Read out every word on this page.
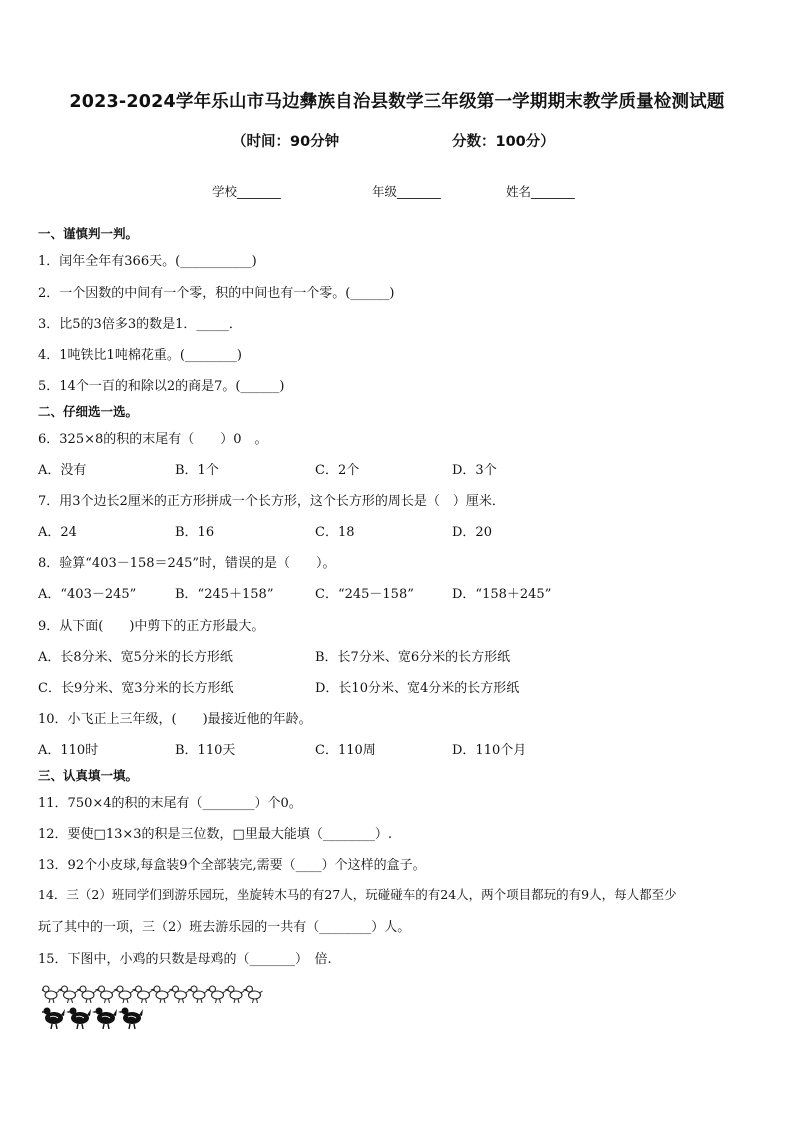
2023-2024学年乐山市马边彝族自治县数学三年级第一学期期末教学质量检测试题
（时间：90分钟	分数：100分）
学校_______	年级_______	姓名_______
一、谨慎判一判。
1．闰年全年有366天。(___________)
2．一个因数的中间有一个零，积的中间也有一个零。(______)
3．比5的3倍多3的数是1．_____．
4．1吨铁比1吨棉花重。(________)
5．14个一百的和除以2的商是7。(______)
二、仔细选一选。
6．325×8的积的末尾有（　　）0　。
A．没有	B．1个	C．2个	D．3个
7．用3个边长2厘米的正方形拼成一个长方形，这个长方形的周长是（　）厘米．
A．24	B．16	C．18	D．20
8．验算“403－158＝245”时，错误的是（　　）。
A．“403－245”	B．“245＋158”	C．“245－158”	D．“158＋245”
9．从下面(　　)中剪下的正方形最大。
A．长8分米、宽5分米的长方形纸	B．长7分米、宽6分米的长方形纸
C．长9分米、宽3分米的长方形纸	D．长10分米、宽4分米的长方形纸
10．小飞正上三年级，(　　)最接近他的年龄。
A．110时	B．110天	C．110周	D．110个月
三、认真填一填。
11．750×4的积的末尾有（________）个0。
12．要使□13×3的积是三位数，□里最大能填（________）.
13．92个小皮球,每盒装9个全部装完,需要（____）个这样的盒子。
14．三（2）班同学们到游乐园玩，坐旋转木马的有27人，玩碰碰车的有24人，两个项目都玩的有9人，每人都至少
玩了其中的一项，三（2）班去游乐园的一共有（________）人。
15．下图中，小鸡的只数是母鸡的（_______）　倍.
